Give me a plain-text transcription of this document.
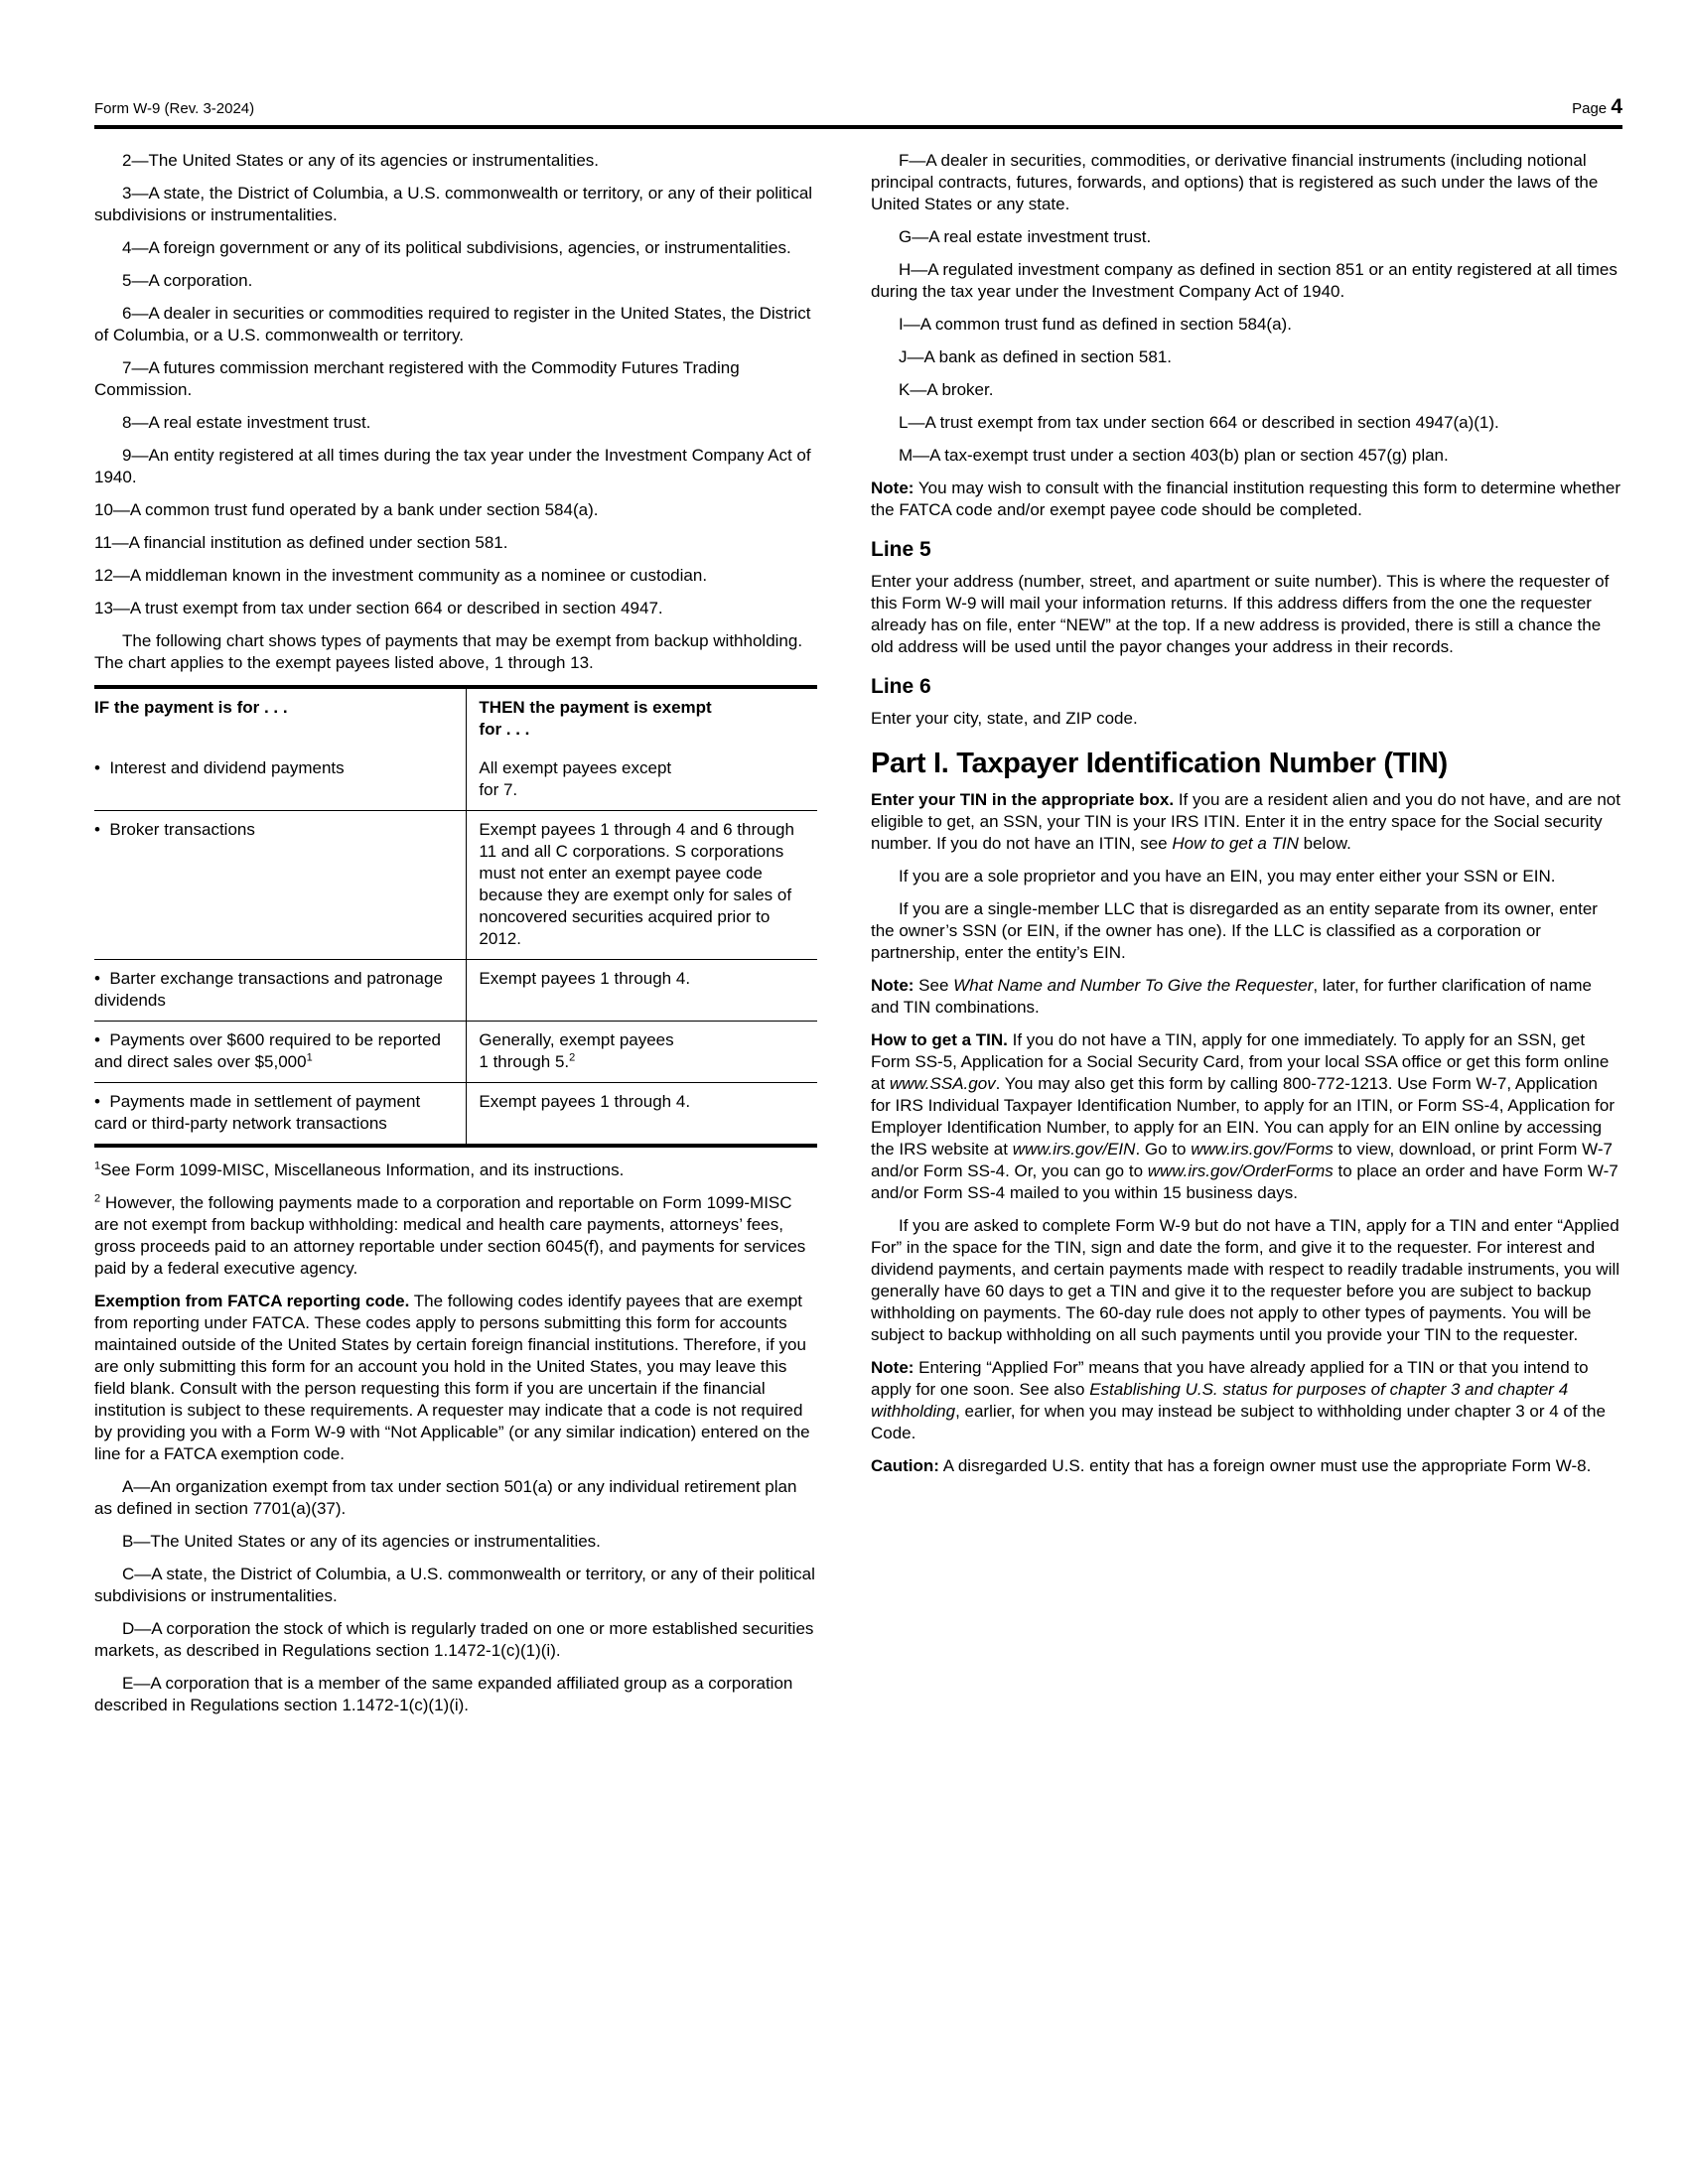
Form W-9 (Rev. 3-2024)	Page 4

2—The United States or any of its agencies or instrumentalities.

3—A state, the District of Columbia, a U.S. commonwealth or territory, or any of their political subdivisions or instrumentalities.

4—A foreign government or any of its political subdivisions, agencies, or instrumentalities.

5—A corporation.

6—A dealer in securities or commodities required to register in the United States, the District of Columbia, or a U.S. commonwealth or territory.

7—A futures commission merchant registered with the Commodity Futures Trading Commission.

8—A real estate investment trust.

9—An entity registered at all times during the tax year under the Investment Company Act of 1940.

10—A common trust fund operated by a bank under section 584(a).

11—A financial institution as defined under section 581.

12—A middleman known in the investment community as a nominee or custodian.

13—A trust exempt from tax under section 664 or described in section 4947.

The following chart shows types of payments that may be exempt from backup withholding. The chart applies to the exempt payees listed above, 1 through 13.

IF the payment is for . . .	THEN the payment is exempt
for . . .
•  Interest and dividend payments	All exempt payees except
for 7.
•  Broker transactions	Exempt payees 1 through 4 and 6 through 11 and all C corporations. S corporations must not enter an exempt payee code because they are exempt only for sales of noncovered securities acquired prior to 2012.
•  Barter exchange transactions and patronage dividends	Exempt payees 1 through 4.
•  Payments over $600 required to be reported and direct sales over $5,000$^1$	Generally, exempt payees
1 through 5.$^2$
•  Payments made in settlement of payment card or third-party network transactions	Exempt payees 1 through 4.

$^1$See Form 1099-MISC, Miscellaneous Information, and its instructions.

$^2$ However, the following payments made to a corporation and reportable on Form 1099-MISC are not exempt from backup withholding: medical and health care payments, attorneys’ fees, gross proceeds paid to an attorney reportable under section 6045(f), and payments for services paid by a federal executive agency.

Exemption from FATCA reporting code. The following codes identify payees that are exempt from reporting under FATCA. These codes apply to persons submitting this form for accounts maintained outside of the United States by certain foreign financial institutions. Therefore, if you are only submitting this form for an account you hold in the United States, you may leave this field blank. Consult with the person requesting this form if you are uncertain if the financial institution is subject to these requirements. A requester may indicate that a code is not required by providing you with a Form W-9 with “Not Applicable” (or any similar indication) entered on the line for a FATCA exemption code.

A—An organization exempt from tax under section 501(a) or any individual retirement plan as defined in section 7701(a)(37).

B—The United States or any of its agencies or instrumentalities.

C—A state, the District of Columbia, a U.S. commonwealth or territory, or any of their political subdivisions or instrumentalities.

D—A corporation the stock of which is regularly traded on one or more established securities markets, as described in Regulations section 1.1472-1(c)(1)(i).

E—A corporation that is a member of the same expanded affiliated group as a corporation described in Regulations section 1.1472-1(c)(1)(i).

F—A dealer in securities, commodities, or derivative financial instruments (including notional principal contracts, futures, forwards, and options) that is registered as such under the laws of the United States or any state.

G—A real estate investment trust.

H—A regulated investment company as defined in section 851 or an entity registered at all times during the tax year under the Investment Company Act of 1940.

I—A common trust fund as defined in section 584(a).

J—A bank as defined in section 581.

K—A broker.

L—A trust exempt from tax under section 664 or described in section 4947(a)(1).

M—A tax-exempt trust under a section 403(b) plan or section 457(g) plan.

Note: You may wish to consult with the financial institution requesting this form to determine whether the FATCA code and/or exempt payee code should be completed.

Line 5

Enter your address (number, street, and apartment or suite number). This is where the requester of this Form W-9 will mail your information returns. If this address differs from the one the requester already has on file, enter “NEW” at the top. If a new address is provided, there is still a chance the old address will be used until the payor changes your address in their records.

Line 6

Enter your city, state, and ZIP code.

Part I. Taxpayer Identification Number (TIN)

Enter your TIN in the appropriate box. If you are a resident alien and you do not have, and are not eligible to get, an SSN, your TIN is your IRS ITIN. Enter it in the entry space for the Social security number. If you do not have an ITIN, see How to get a TIN below.

If you are a sole proprietor and you have an EIN, you may enter either your SSN or EIN.

If you are a single-member LLC that is disregarded as an entity separate from its owner, enter the owner’s SSN (or EIN, if the owner has one). If the LLC is classified as a corporation or partnership, enter the entity’s EIN.

Note: See What Name and Number To Give the Requester, later, for further clarification of name and TIN combinations.

How to get a TIN. If you do not have a TIN, apply for one immediately. To apply for an SSN, get Form SS-5, Application for a Social Security Card, from your local SSA office or get this form online at www.SSA.gov. You may also get this form by calling 800-772-1213. Use Form W-7, Application for IRS Individual Taxpayer Identification Number, to apply for an ITIN, or Form SS-4, Application for Employer Identification Number, to apply for an EIN. You can apply for an EIN online by accessing the IRS website at www.irs.gov/EIN. Go to www.irs.gov/Forms to view, download, or print Form W-7 and/or Form SS-4. Or, you can go to www.irs.gov/OrderForms to place an order and have Form W-7 and/or Form SS-4 mailed to you within 15 business days.

If you are asked to complete Form W-9 but do not have a TIN, apply for a TIN and enter “Applied For” in the space for the TIN, sign and date the form, and give it to the requester. For interest and dividend payments, and certain payments made with respect to readily tradable instruments, you will generally have 60 days to get a TIN and give it to the requester before you are subject to backup withholding on payments. The 60-day rule does not apply to other types of payments. You will be subject to backup withholding on all such payments until you provide your TIN to the requester.

Note: Entering “Applied For” means that you have already applied for a TIN or that you intend to apply for one soon. See also Establishing U.S. status for purposes of chapter 3 and chapter 4 withholding, earlier, for when you may instead be subject to withholding under chapter 3 or 4 of the Code.

Caution: A disregarded U.S. entity that has a foreign owner must use the appropriate Form W-8.
